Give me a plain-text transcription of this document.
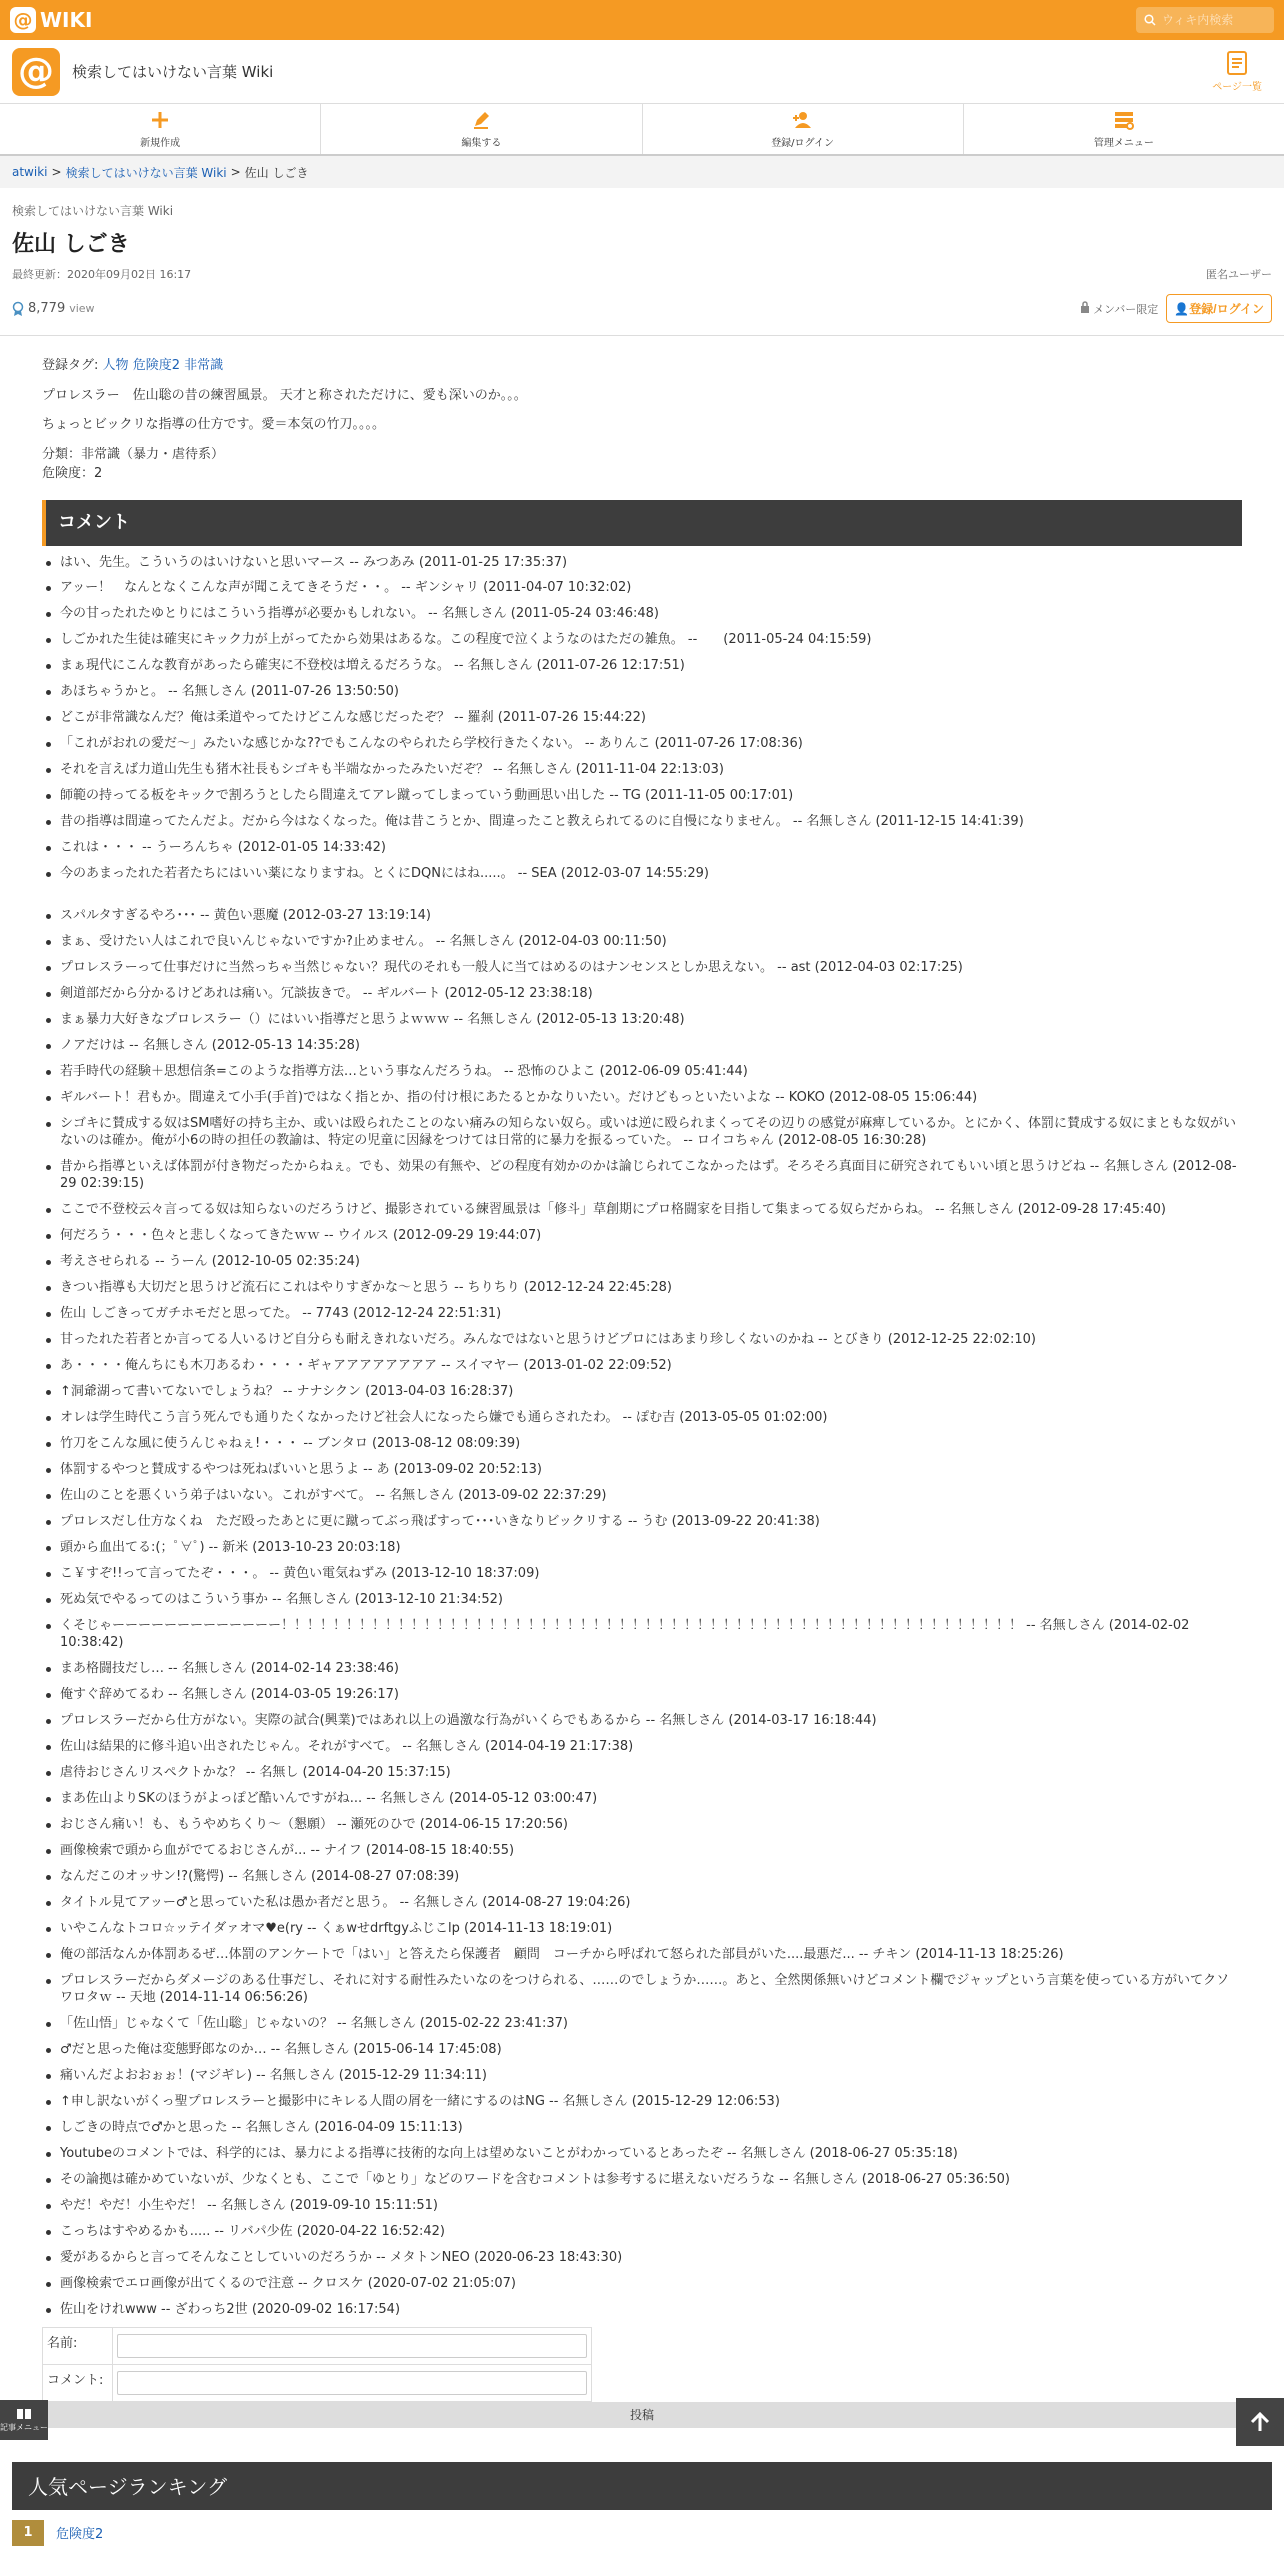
@ WIKI
ウィキ内検索
@	検索してはいけない言葉 Wiki
ページ一覧
新規作成	編集する	登録/ログイン	管理メニュー
atwiki > 検索してはいけない言葉 Wiki > 佐山 しごき
検索してはいけない言葉 Wiki
佐山 しごき
最終更新：2020年09月02日 16:17	匿名ユーザー
8,779 view	メンバー限定	👤登録/ログイン

登録タグ: 人物 危険度2 非常識

プロレスラー　佐山聡の昔の練習風景。 天才と称されただけに、愛も深いのか。。。

ちょっとビックリな指導の仕方です。愛＝本気の竹刀。。。。

分類：非常識（暴力・虐待系）
危険度：2

コメント
はい、先生。こういうのはいけないと思いマース -- みつあみ (2011-01-25 17:35:37)
アッー！　なんとなくこんな声が聞こえてきそうだ・・。 -- ギンシャリ (2011-04-07 10:32:02)
今の甘ったれたゆとりにはこういう指導が必要かもしれない。 -- 名無しさん (2011-05-24 03:46:48)
しごかれた生徒は確実にキック力が上がってたから効果はあるな。この程度で泣くようなのはただの雑魚。 --　　(2011-05-24 04:15:59)
まぁ現代にこんな教育があったら確実に不登校は増えるだろうな。 -- 名無しさん (2011-07-26 12:17:51)
あほちゃうかと。 -- 名無しさん (2011-07-26 13:50:50)
どこが非常識なんだ？俺は柔道やってたけどこんな感じだったぞ？ -- 羅刹 (2011-07-26 15:44:22)
「これがおれの愛だ～」みたいな感じかな??でもこんなのやられたら学校行きたくない。 -- ありんこ (2011-07-26 17:08:36)
それを言えば力道山先生も猪木社長もシゴキも半端なかったみたいだぞ？ -- 名無しさん (2011-11-04 22:13:03)
師範の持ってる板をキックで割ろうとしたら間違えてアレ蹴ってしまっていう動画思い出した -- TG (2011-11-05 00:17:01)
昔の指導は間違ってたんだよ。だから今はなくなった。俺は昔こうとか、間違ったこと教えられてるのに自慢になりません。 -- 名無しさん (2011-12-15 14:41:39)
これは・・・ -- うーろんちゃ (2012-01-05 14:33:42)
今のあまったれた若者たちにはいい薬になりますね。とくにDQNにはね.....。 -- SEA (2012-03-07 14:55:29)
スパルタすぎるやろ･･･ -- 黄色い悪魔 (2012-03-27 13:19:14)
まぁ、受けたい人はこれで良いんじゃないですか?止めません。 -- 名無しさん (2012-04-03 00:11:50)
プロレスラーって仕事だけに当然っちゃ当然じゃない？現代のそれも一般人に当てはめるのはナンセンスとしか思えない。 -- ast (2012-04-03 02:17:25)
剣道部だから分かるけどあれは痛い。冗談抜きで。 -- ギルバート (2012-05-12 23:38:18)
まぁ暴力大好きなプロレスラー（）にはいい指導だと思うよｗｗｗ -- 名無しさん (2012-05-13 13:20:48)
ノアだけは -- 名無しさん (2012-05-13 14:35:28)
若手時代の経験＋思想信条=このような指導方法…という事なんだろうね。 -- 恐怖のひよこ (2012-06-09 05:41:44)
ギルバート！君もか。間違えて小手(手首)ではなく指とか、指の付け根にあたるとかなりいたい。だけどもっといたいよな -- KOKO (2012-08-05 15:06:44)
シゴキに賛成する奴はSM嗜好の持ち主か、或いは殴られたことのない痛みの知らない奴ら。或いは逆に殴られまくってその辺りの感覚が麻痺しているか。とにかく、体罰に賛成する奴にまともな奴がいないのは確か。俺が小6の時の担任の教諭は、特定の児童に因縁をつけては日常的に暴力を振るっていた。 -- ロイコちゃん (2012-08-05 16:30:28)
昔から指導といえば体罰が付き物だったからねぇ。でも、効果の有無や、どの程度有効かのかは論じられてこなかったはず。そろそろ真面目に研究されてもいい頃と思うけどね -- 名無しさん (2012-08-29 02:39:15)
ここで不登校云々言ってる奴は知らないのだろうけど、撮影されている練習風景は「修斗」草創期にプロ格闘家を目指して集まってる奴らだからね。 -- 名無しさん (2012-09-28 17:45:40)
何だろう・・・色々と悲しくなってきたｗｗ -- ウイルス (2012-09-29 19:44:07)
考えさせられる -- うーん (2012-10-05 02:35:24)
きつい指導も大切だと思うけど流石にこれはやりすぎかな～と思う -- ちりちり (2012-12-24 22:45:28)
佐山 しごきってガチホモだと思ってた。 -- 7743 (2012-12-24 22:51:31)
甘ったれた若者とか言ってる人いるけど自分らも耐えきれないだろ。みんなではないと思うけどプロにはあまり珍しくないのかね -- とびきり (2012-12-25 22:02:10)
あ・・・・俺んちにも木刀あるわ・・・・ギャアアアアアアアア -- スイマヤー (2013-01-02 22:09:52)
↑洞爺湖って書いてないでしょうね？ -- ナナシクン (2013-04-03 16:28:37)
オレは学生時代こう言う死んでも通りたくなかったけど社会人になったら嫌でも通らされたわ。 -- ぽむ吉 (2013-05-05 01:02:00)
竹刀をこんな風に使うんじゃねぇ!・・・ -- ブンタロ (2013-08-12 08:09:39)
体罰するやつと賛成するやつは死ねばいいと思うよ -- あ (2013-09-02 20:52:13)
佐山のことを悪くいう弟子はいない。これがすべて。 -- 名無しさん (2013-09-02 22:37:29)
プロレスだし仕方なくね　ただ殴ったあとに更に蹴ってぶっ飛ばすって･･･いきなりビックリする -- うむ (2013-09-22 20:41:38)
頭から血出てる:(；ﾟ∀ﾟ) -- 新米 (2013-10-23 20:03:18)
こ￥すぞ!!って言ってたぞ・・・。 -- 黄色い電気ねずみ (2013-12-10 18:37:09)
死ぬ気でやるってのはこういう事か -- 名無しさん (2013-12-10 21:34:52)
くそじゃーーーーーーーーーーーーー！！！！！！！！！！！！！！！！！！！！！！！！！！！！！！！！！！！！！！！！！！！！！！！！！！！！！！！！！ -- 名無しさん (2014-02-02 10:38:42)
まあ格闘技だし… -- 名無しさん (2014-02-14 23:38:46)
俺すぐ辞めてるわ -- 名無しさん (2014-03-05 19:26:17)
プロレスラーだから仕方がない。実際の試合(興業)ではあれ以上の過激な行為がいくらでもあるから -- 名無しさん (2014-03-17 16:18:44)
佐山は結果的に修斗追い出されたじゃん。それがすべて。 -- 名無しさん (2014-04-19 21:17:38)
虐待おじさんリスペクトかな？ -- 名無し (2014-04-20 15:37:15)
まあ佐山よりSKのほうがよっぽど酷いんですがね... -- 名無しさん (2014-05-12 03:00:47)
おじさん痛い！も、もうやめちくり～（懇願） -- 瀬死のひで (2014-06-15 17:20:56)
画像検索で頭から血がでてるおじさんが... -- ナイフ (2014-08-15 18:40:55)
なんだこのオッサン!?(驚愕) -- 名無しさん (2014-08-27 07:08:39)
タイトル見てアッー♂と思っていた私は愚か者だと思う。 -- 名無しさん (2014-08-27 19:04:26)
いやこんなトコロ☆ッテイダァオマ♥e(ry -- くぁwせdrftgyふじこlp (2014-11-13 18:19:01)
俺の部活なんか体罰あるぜ…体罰のアンケートで「はい」と答えたら保護者　顧問　コーチから呼ばれて怒られた部員がいた....最悪だ... -- チキン (2014-11-13 18:25:26)
プロレスラーだからダメージのある仕事だし、それに対する耐性みたいなのをつけられる、……のでしょうか……。あと、全然関係無いけどコメント欄でジャップという言葉を使っている方がいてクソワロタｗ -- 天地 (2014-11-14 06:56:26)
「佐山悟」じゃなくて「佐山聡」じゃないの？ -- 名無しさん (2015-02-22 23:41:37)
♂だと思った俺は変態野郎なのか… -- 名無しさん (2015-06-14 17:45:08)
痛いんだよおおぉぉ！(マジギレ) -- 名無しさん (2015-12-29 11:34:11)
↑申し訳ないがくっ聖プロレスラーと撮影中にキレる人間の屑を一緒にするのはNG -- 名無しさん (2015-12-29 12:06:53)
しごきの時点で♂かと思った -- 名無しさん (2016-04-09 15:11:13)
Youtubeのコメントでは、科学的には、暴力による指導に技術的な向上は望めないことがわかっているとあったぞ -- 名無しさん (2018-06-27 05:35:18)
その論拠は確かめていないが、少なくとも、ここで「ゆとり」などのワードを含むコメントは参考するに堪えないだろうな -- 名無しさん (2018-06-27 05:36:50)
やだ！やだ！小生やだ！ -- 名無しさん (2019-09-10 15:11:51)
こっちはすやめるかも..... -- リバパ少佐 (2020-04-22 16:52:42)
愛があるからと言ってそんなことしていいのだろうか -- メタトンNEO (2020-06-23 18:43:30)
画像検索でエロ画像が出てくるので注意 -- クロスケ (2020-07-02 21:05:07)
佐山をけれwww -- ざわっち2世 (2020-09-02 16:17:54)
名前:	
コメント:	
投稿
人気ページランキング
1	危険度2
記事メニュー
